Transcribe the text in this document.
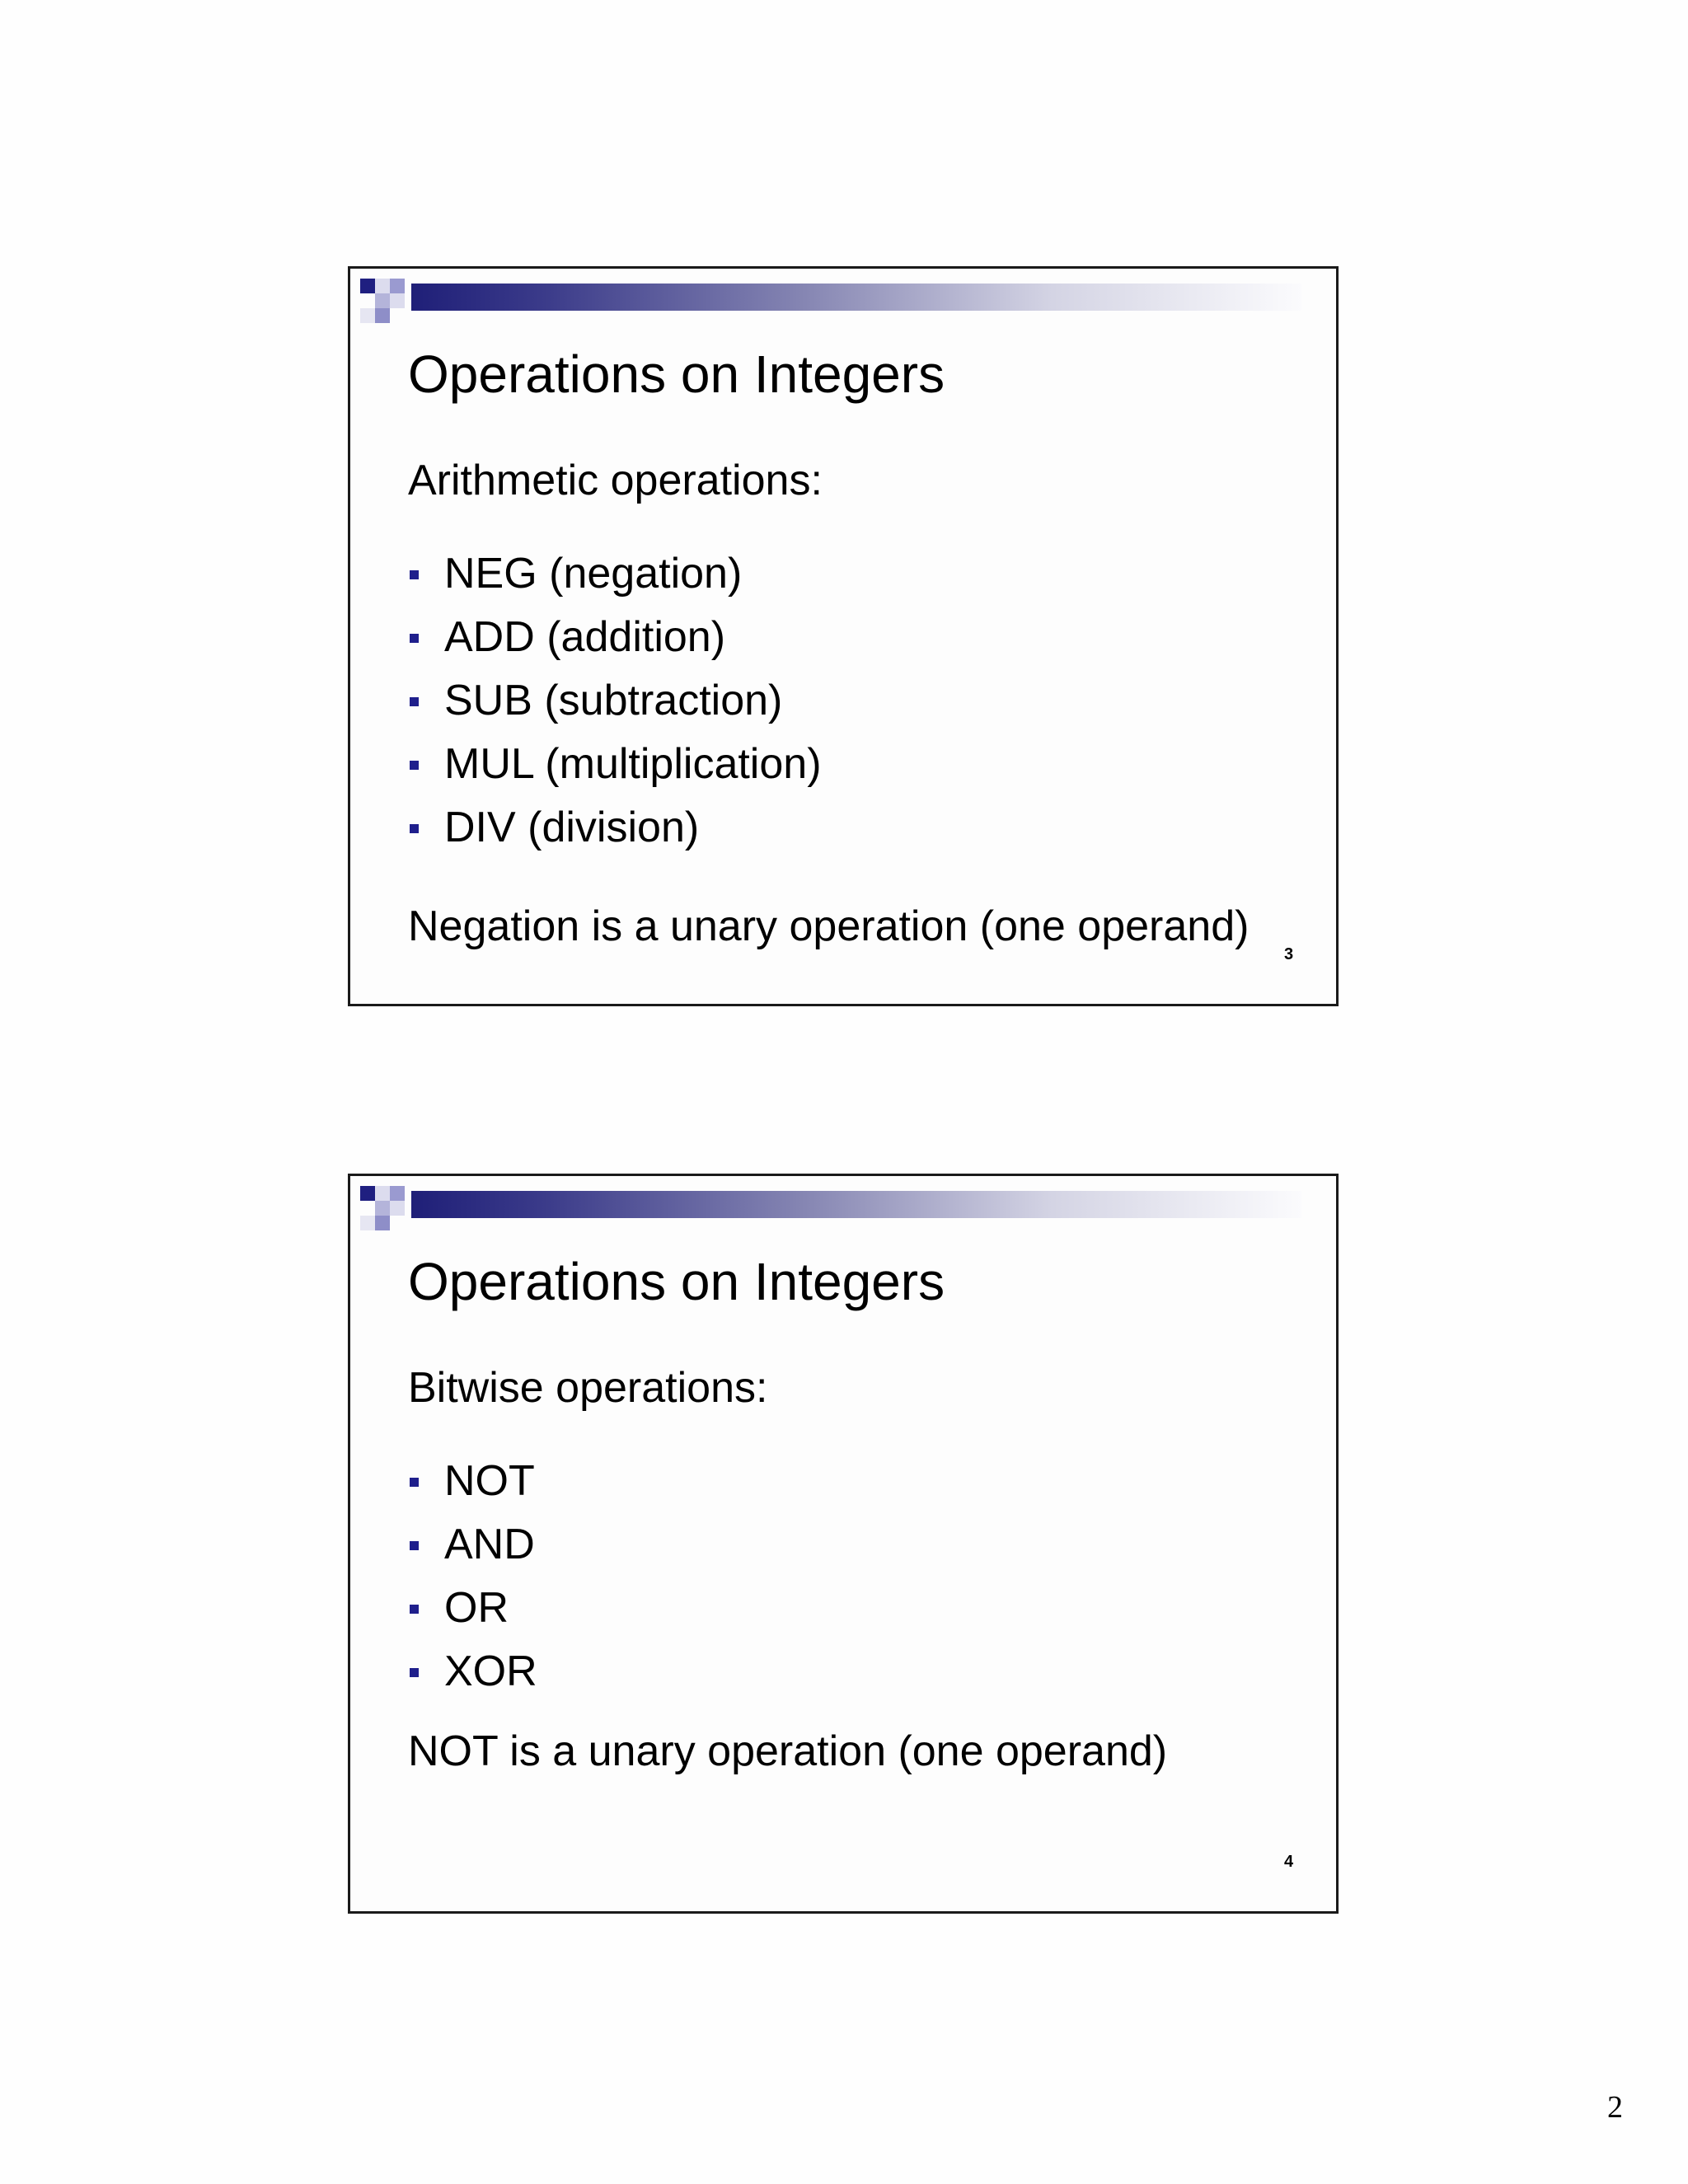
Operations on Integers
Arithmetic operations:
NEG (negation)
ADD (addition)
SUB (subtraction)
MUL (multiplication)
DIV (division)
Negation is a unary operation (one operand)
3
Operations on Integers
Bitwise operations:
NOT
AND
OR
XOR
NOT is a unary operation (one operand)
4
2
